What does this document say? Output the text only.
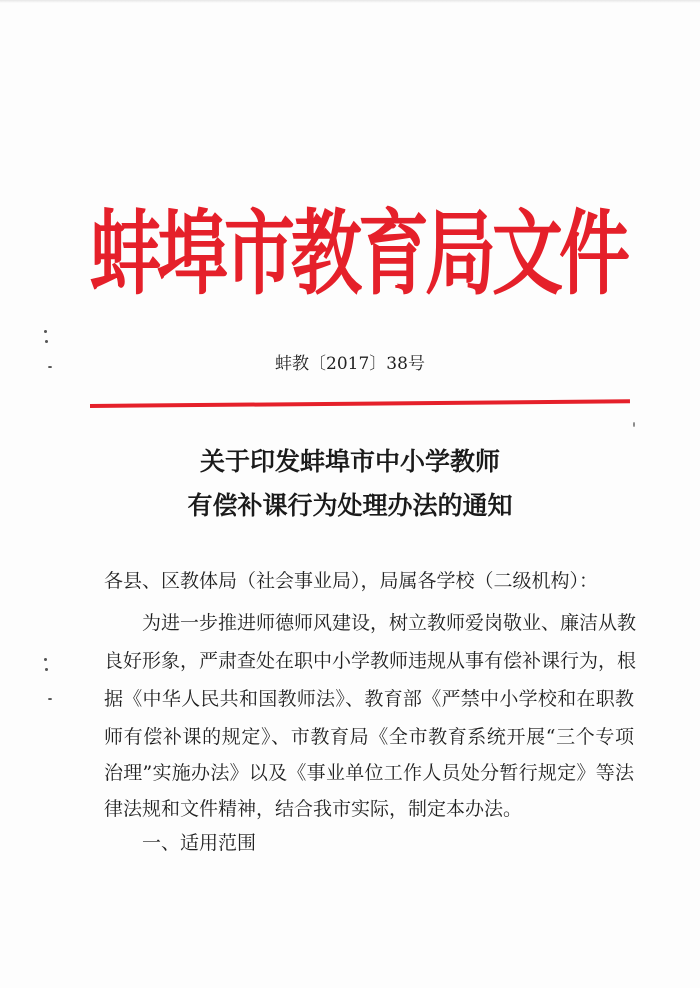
蚌埠市教育局文件
蚌教〔2017〕38号
关于印发蚌埠市中小学教师
有偿补课行为处理办法的通知
各县、区教体局（社会事业局），局属各学校（二级机构）：
为进一步推进师德师风建设，树立教师爱岗敬业、廉洁从教
良好形象，严肃查处在职中小学教师违规从事有偿补课行为，根
据《中华人民共和国教师法》、教育部《严禁中小学校和在职教
师有偿补课的规定》、市教育局《全市教育系统开展“三个专项
治理”实施办法》以及《事业单位工作人员处分暂行规定》等法
律法规和文件精神，结合我市实际，制定本办法。
一、适用范围
